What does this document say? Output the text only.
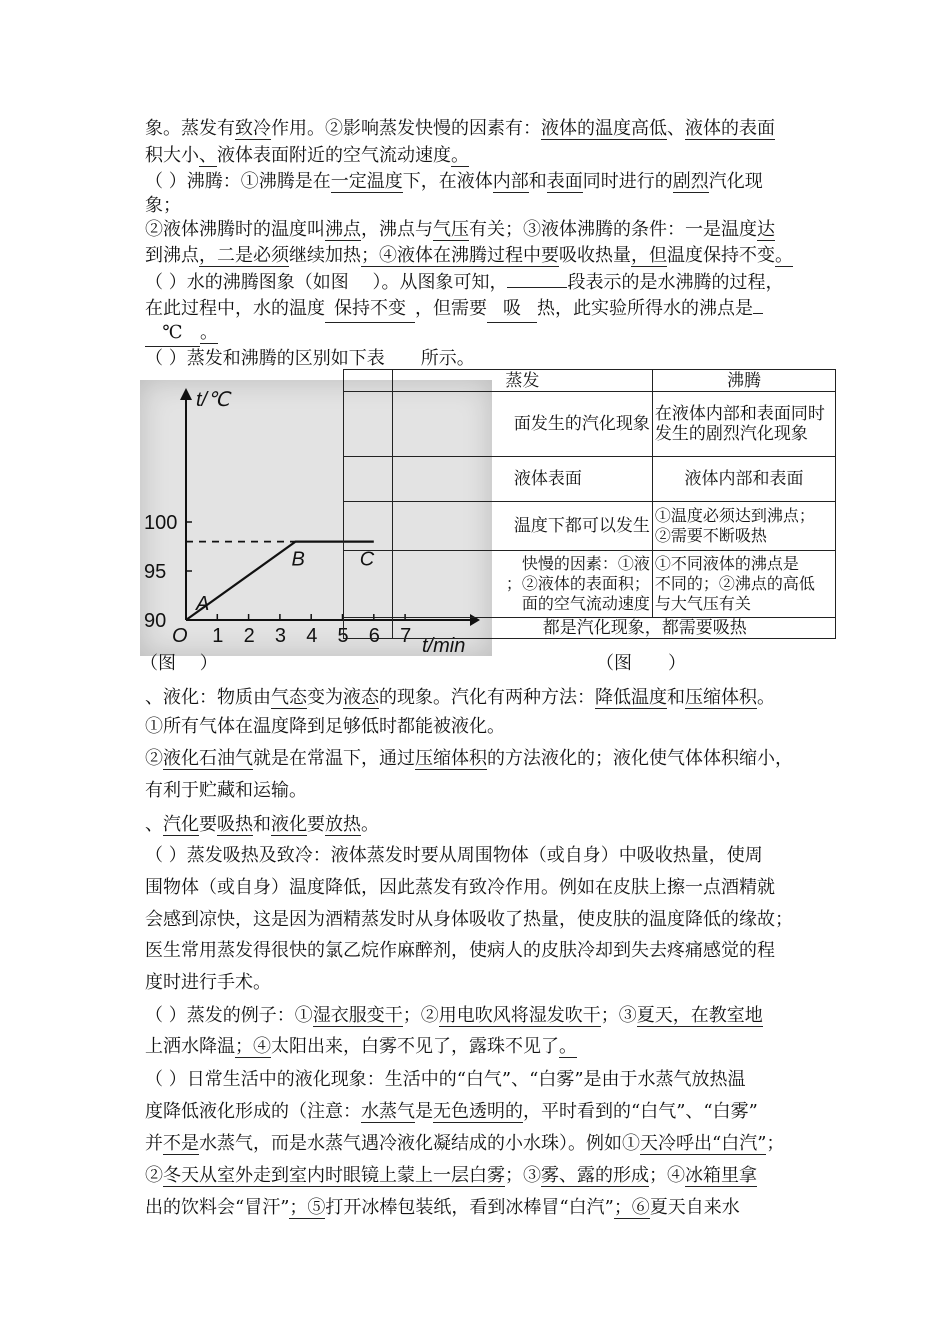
象。蒸发有致冷作用。②影响蒸发快慢的因素有：液体的温度高低、液体的表面
积大小、液体表面附近的空气流动速度。
（ ）沸腾：①沸腾是在一定温度下，在液体内部和表面同时进行的剧烈汽化现
象；
②液体沸腾时的温度叫沸点，沸点与气压有关；③液体沸腾的条件：一是温度达
到沸点，二是必须继续加热；④液体在沸腾过程中要吸收热量，但温度保持不变。
（ ）水的沸腾图象（如图　 ）。从图象可知，	段表示的是水沸腾的过程，
在此过程中，水的温度 保持不变 ，但需要 吸 热，此实验所得水的沸点是
℃ 。
（ ）蒸发和沸腾的区别如下表　　所示。
t/℃
t/min
O 1 2 3 4 5 6 7
100
95
90
A
B	C
	蒸发	沸腾
	面发生的汽化现象	在液体内部和表面同时发生的剧烈汽化现象
	液体表面	液体内部和表面
	温度下都可以发生	①温度必须达到沸点；
②需要不断吸热
	快慢的因素：①液
；②液体的表面积；
面的空气流动速度	①不同液体的沸点是
不同的；②沸点的高低
与大气压有关
	都是汽化现象，都需要吸热	
（图　 ）	（图　　）
、液化：物质由气态变为液态的现象。汽化有两种方法：降低温度和压缩体积。
①所有气体在温度降到足够低时都能被液化。
②液化石油气就是在常温下，通过压缩体积的方法液化的；液化使气体体积缩小，
有利于贮藏和运输。
、汽化要吸热和液化要放热。
（ ）蒸发吸热及致冷：液体蒸发时要从周围物体（或自身）中吸收热量，使周
围物体（或自身）温度降低，因此蒸发有致冷作用。例如在皮肤上擦一点酒精就
会感到凉快，这是因为酒精蒸发时从身体吸收了热量，使皮肤的温度降低的缘故；
医生常用蒸发得很快的氯乙烷作麻醉剂，使病人的皮肤冷却到失去疼痛感觉的程
度时进行手术。
（ ）蒸发的例子：①湿衣服变干；②用电吹风将湿发吹干；③夏天，在教室地
上洒水降温；④太阳出来，白雾不见了，露珠不见了。
（ ）日常生活中的液化现象：生活中的“白气”、“白雾”是由于水蒸气放热温
度降低液化形成的（注意：水蒸气是无色透明的，平时看到的“白气”、“白雾”
并不是水蒸气，而是水蒸气遇冷液化凝结成的小水珠）。例如①天冷呼出“白汽”；
②冬天从室外走到室内时眼镜上蒙上一层白雾；③雾、露的形成；④冰箱里拿
出的饮料会“冒汗”；⑤打开冰棒包装纸，看到冰棒冒“白汽”；⑥夏天自来水
